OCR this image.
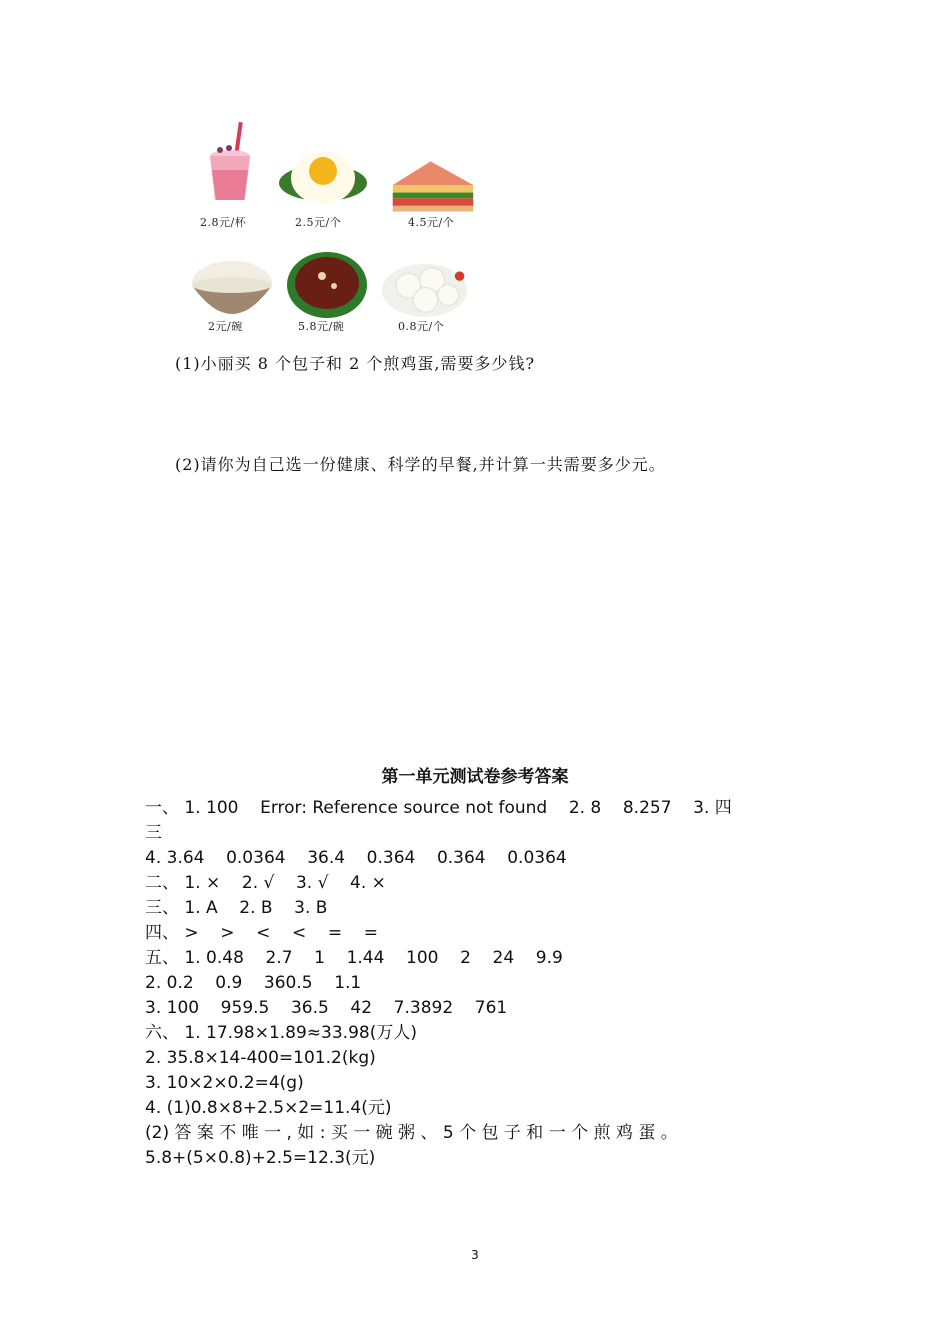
2.8元/杯	2.5元/个	4.5元/个
2元/碗	5.8元/碗	0.8元/个
(1)小丽买 8 个包子和 2 个煎鸡蛋,需要多少钱?
(2)请你为自己选一份健康、科学的早餐,并计算一共需要多少元。
第一单元测试卷参考答案
一、 1. 100    Error: Reference source not found    2. 8    8.257    3. 四
三
4. 3.64    0.0364    36.4    0.364    0.364    0.0364
二、 1. ×    2. √    3. √    4. ×
三、 1. A    2. B    3. B
四、 >    >    <    <    =    =
五、 1. 0.48    2.7    1    1.44    100    2    24    9.9
2. 0.2    0.9    360.5    1.1
3. 100    959.5    36.5    42    7.3892    761
六、 1. 17.98×1.89≈33.98(万人)
2. 35.8×14-400=101.2(kg)
3. 10×2×0.2=4(g)
4. (1)0.8×8+2.5×2=11.4(元)
(2) 答 案 不 唯 一 , 如 : 买 一 碗 粥 、 5 个 包 子 和 一 个 煎 鸡 蛋 。
5.8+(5×0.8)+2.5=12.3(元)
3
